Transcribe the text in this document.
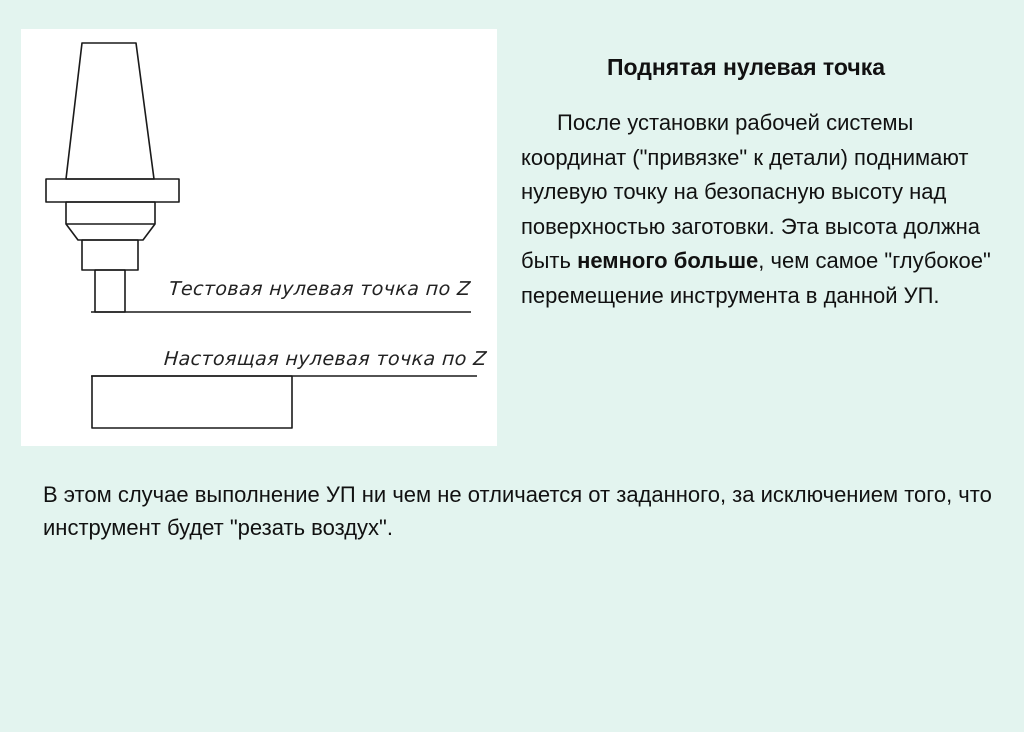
Тестовая нулевая точка по Z
Настоящая нулевая точка по Z
Поднятая нулевая точка

После установки рабочей системы координат ("привязке" к детали) поднимают нулевую точку на безопасную высоту над поверхностью заготовки. Эта высота должна быть немного больше, чем самое "глубокое" перемещение инструмента в данной УП.

В этом случае выполнение УП ни чем не отличается от заданного, за исключением того, что инструмент будет "резать воздух".
